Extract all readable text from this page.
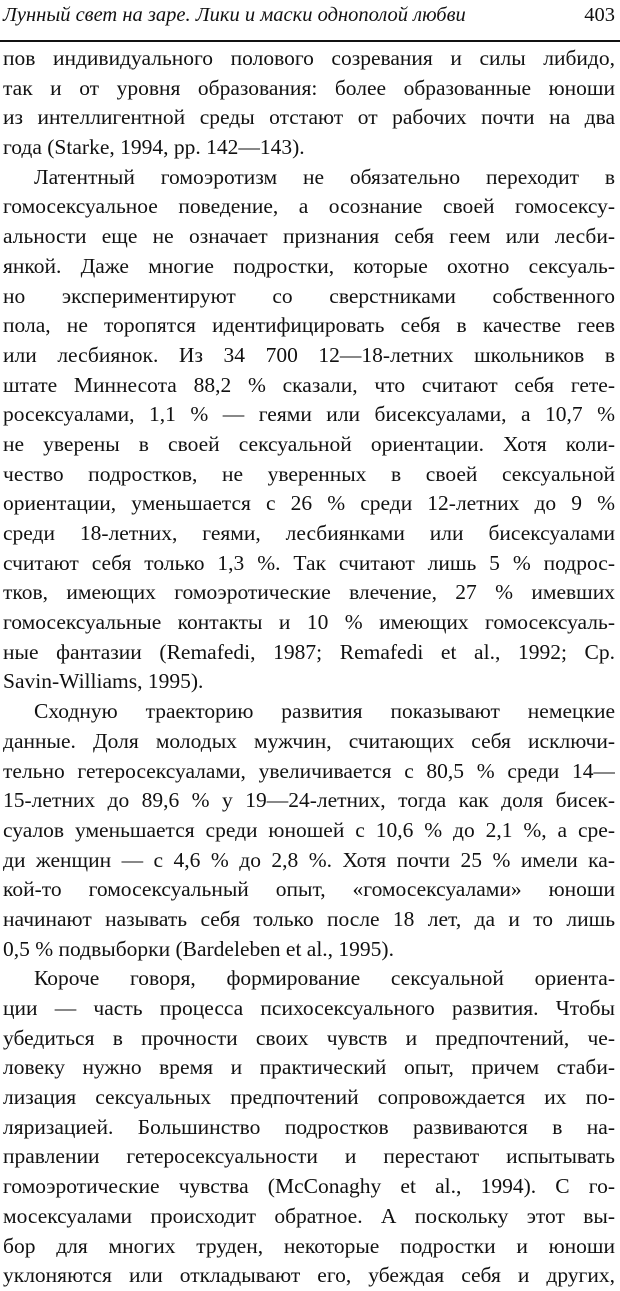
Лунный свет на заре. Лики и маски однополой любви	403
пов индивидуального полового созревания и силы либидо,
так и от уровня образования: более образованные юноши
из интеллигентной среды отстают от рабочих почти на два
года (Starke, 1994, pp. 142—143).
Латентный гомоэротизм не обязательно переходит в
гомосексуальное поведение, а осознание своей гомосексу-
альности еще не означает признания себя геем или лесби-
янкой. Даже многие подростки, которые охотно сексуаль-
но экспериментируют со сверстниками собственного
пола, не торопятся идентифицировать себя в качестве геев
или лесбиянок. Из 34 700 12—18-летних школьников в
штате Миннесота 88,2 % сказали, что считают себя гете-
росексуалами, 1,1 % — геями или бисексуалами, а 10,7 %
не уверены в своей сексуальной ориентации. Хотя коли-
чество подростков, не уверенных в своей сексуальной
ориентации, уменьшается с 26 % среди 12-летних до 9 %
среди 18-летних, геями, лесбиянками или бисексуалами
считают себя только 1,3 %. Так считают лишь 5 % подрос-
тков, имеющих гомоэротические влечение, 27 % имевших
гомосексуальные контакты и 10 % имеющих гомосексуаль-
ные фантазии (Remafedi, 1987; Remafedi et al., 1992; Ср.
Savin-Williams, 1995).
Сходную траекторию развития показывают немецкие
данные. Доля молодых мужчин, считающих себя исключи-
тельно гетеросексуалами, увеличивается с 80,5 % среди 14—
15-летних до 89,6 % у 19—24-летних, тогда как доля бисек-
суалов уменьшается среди юношей с 10,6 % до 2,1 %, а сре-
ди женщин — с 4,6 % до 2,8 %. Хотя почти 25 % имели ка-
кой-то гомосексуальный опыт, «гомосексуалами» юноши
начинают называть себя только после 18 лет, да и то лишь
0,5 % подвыборки (Bardeleben et al., 1995).
Короче говоря, формирование сексуальной ориента-
ции — часть процесса психосексуального развития. Чтобы
убедиться в прочности своих чувств и предпочтений, че-
ловеку нужно время и практический опыт, причем стаби-
лизация сексуальных предпочтений сопровождается их по-
ляризацией. Большинство подростков развиваются в на-
правлении гетеросексуальности и перестают испытывать
гомоэротические чувства (McConaghy et al., 1994). С го-
мосексуалами происходит обратное. А поскольку этот вы-
бор для многих труден, некоторые подростки и юноши
уклоняются или откладывают его, убеждая себя и других,
